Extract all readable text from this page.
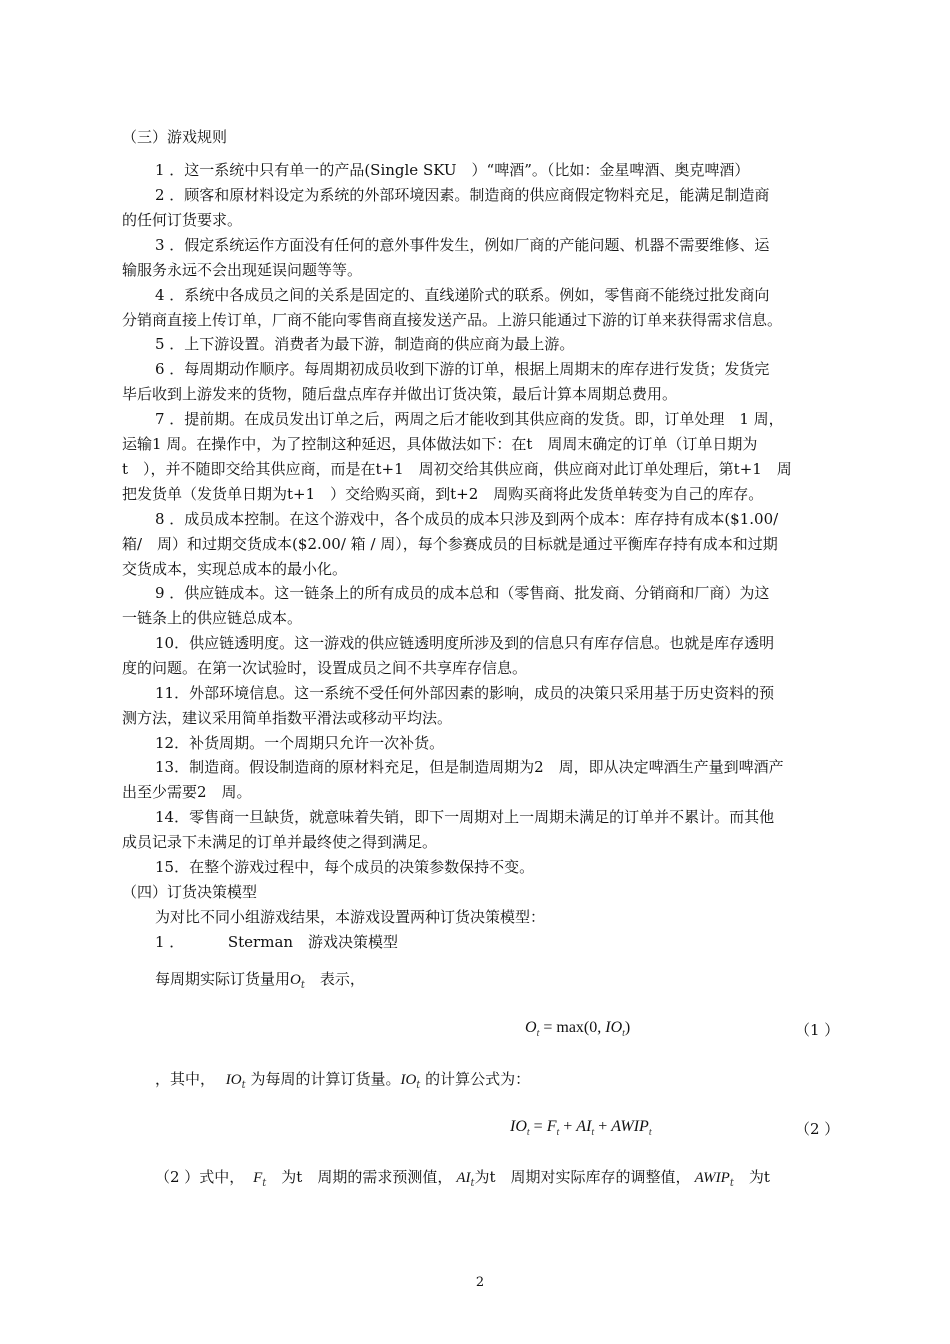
（三）游戏规则
1 ．这一系统中只有单一的产品(Single SKU　）“啤酒”。（比如：金星啤酒、奥克啤酒）
2 ．顾客和原材料设定为系统的外部环境因素。制造商的供应商假定物料充足，能满足制造商
的任何订货要求。
3 ．假定系统运作方面没有任何的意外事件发生，例如厂商的产能问题、机器不需要维修、运
输服务永远不会出现延误问题等等。
4 ．系统中各成员之间的关系是固定的、直线递阶式的联系。例如，零售商不能绕过批发商向
分销商直接上传订单，厂商不能向零售商直接发送产品。上游只能通过下游的订单来获得需求信息。
5 ．上下游设置。消费者为最下游，制造商的供应商为最上游。
6 ．每周期动作顺序。每周期初成员收到下游的订单，根据上周期末的库存进行发货；发货完
毕后收到上游发来的货物，随后盘点库存并做出订货决策，最后计算本周期总费用。
7 ．提前期。在成员发出订单之后，两周之后才能收到其供应商的发货。即，订单处理　1 周，
运输1 周。在操作中，为了控制这种延迟，具体做法如下：在t　周周末确定的订单（订单日期为
t　），并不随即交给其供应商，而是在t+1　周初交给其供应商，供应商对此订单处理后，第t+1　周
把发货单（发货单日期为t+1　）交给购买商，到t+2　周购买商将此发货单转变为自己的库存。
8 ．成员成本控制。在这个游戏中，各个成员的成本只涉及到两个成本：库存持有成本($1.00/
箱/　周）和过期交货成本($2.00/ 箱 / 周），每个参赛成员的目标就是通过平衡库存持有成本和过期
交货成本，实现总成本的最小化。
9 ．供应链成本。这一链条上的所有成员的成本总和（零售商、批发商、分销商和厂商）为这
一链条上的供应链总成本。
10．供应链透明度。这一游戏的供应链透明度所涉及到的信息只有库存信息。也就是库存透明
度的问题。在第一次试验时，设置成员之间不共享库存信息。
11．外部环境信息。这一系统不受任何外部因素的影响，成员的决策只采用基于历史资料的预
测方法，建议采用简单指数平滑法或移动平均法。
12．补货周期。一个周期只允许一次补货。
13．制造商。假设制造商的原材料充足，但是制造周期为2　周，即从决定啤酒生产量到啤酒产
出至少需要2　周。
14．零售商一旦缺货，就意味着失销，即下一周期对上一周期未满足的订单并不累计。而其他
成员记录下未满足的订单并最终使之得到满足。
15．在整个游戏过程中，每个成员的决策参数保持不变。
（四）订货决策模型
为对比不同小组游戏结果，本游戏设置两种订货决策模型：
1 ．	Sterman　游戏决策模型
每周期实际订货量用$O_t$　表示，
$O_t = \max(0$, $IO_t$)	（1 ）
，其中， $IO_t$ 为每周的计算订货量。$IO_t$ 的计算公式为：
$IO_t = F_t + AI_t$ + $AWIP_t$	（2 ）
（2 ）式中， $F_t$　为t　周期的需求预测值， $AI_t$为t　周期对实际库存的调整值， $AWIP_t$　为t
2
